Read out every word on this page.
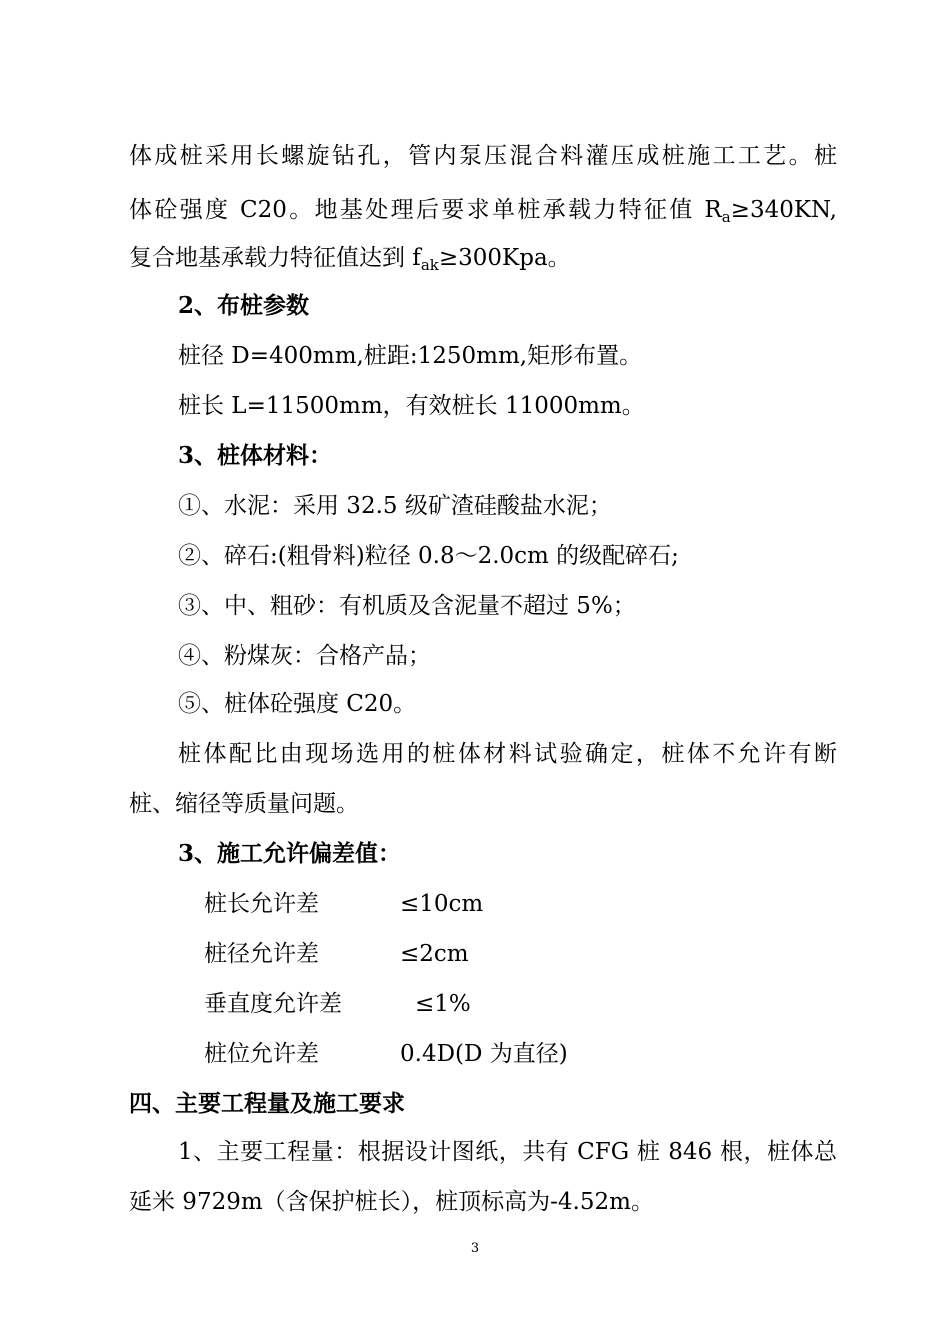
体成桩采用长螺旋钻孔，管内泵压混合料灌压成桩施工工艺。桩
体砼强度 C20。地基处理后要求单桩承载力特征值 $R_a\ge 340KN$,
复合地基承载力特征值达到 $f_{ak}\ge 300Kpa$。
2、布桩参数
桩径 D=400mm,桩距:1250mm,矩形布置。
桩长 L=11500mm，有效桩长 11000mm。
3、桩体材料：
①、水泥：采用 32.5 级矿渣硅酸盐水泥；
②、碎石:(粗骨料)粒径 0.8～2.0cm 的级配碎石;
③、中、粗砂：有机质及含泥量不超过 5%；
④、粉煤灰：合格产品；
⑤、桩体砼强度 C20。
桩体配比由现场选用的桩体材料试验确定，桩体不允许有断
桩、缩径等质量问题。
3、施工允许偏差值：
桩长允许差	≤10cm
桩径允许差	≤2cm
垂直度允许差	≤1%
桩位允许差	0.4D(D 为直径)
四、主要工程量及施工要求
1、主要工程量：根据设计图纸，共有 CFG 桩 846 根，桩体总
延米 9729m（含保护桩长），桩顶标高为-4.52m。
3
